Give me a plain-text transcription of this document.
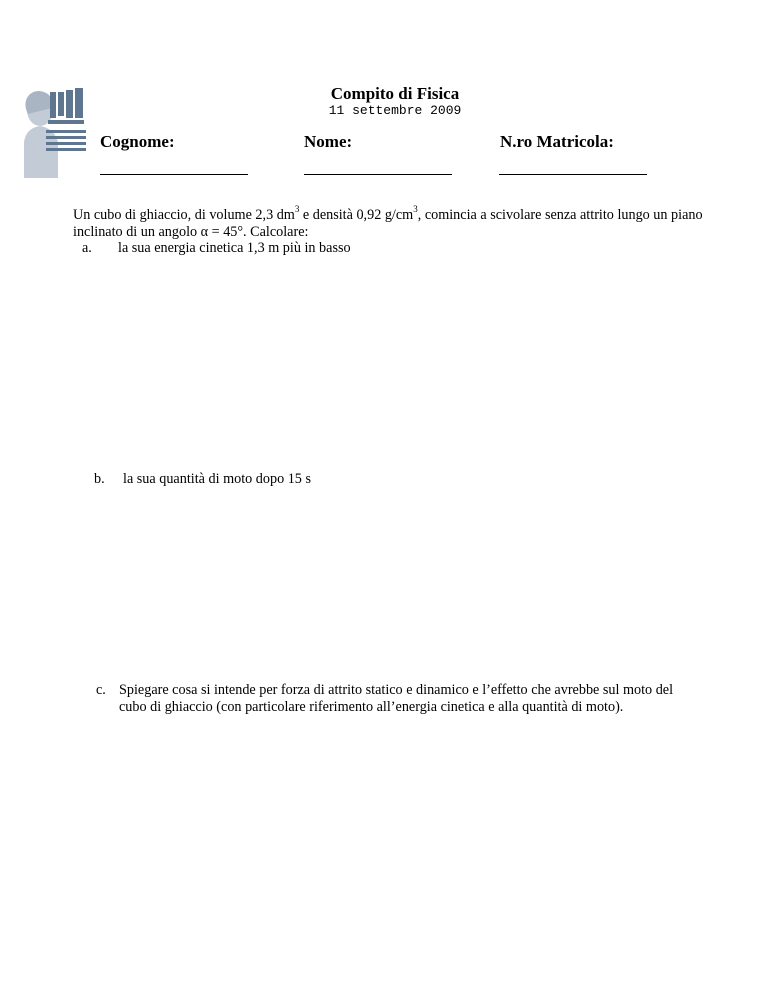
Compito di Fisica
11 settembre 2009
Cognome:	Nome:	N.ro Matricola:
Un cubo di ghiaccio, di volume 2,3 $dm^3$ e densità 0,92 $g/cm^3$, comincia a scivolare senza attrito lungo un piano inclinato di un angolo α = 45°. Calcolare:
a.	la sua energia cinetica 1,3 m più in basso
b.	la sua quantità di moto dopo 15 s
c. Spiegare cosa si intende per forza di attrito statico e dinamico e l’effetto che avrebbe sul moto del cubo di ghiaccio (con particolare riferimento all’energia cinetica e alla quantità di moto).
